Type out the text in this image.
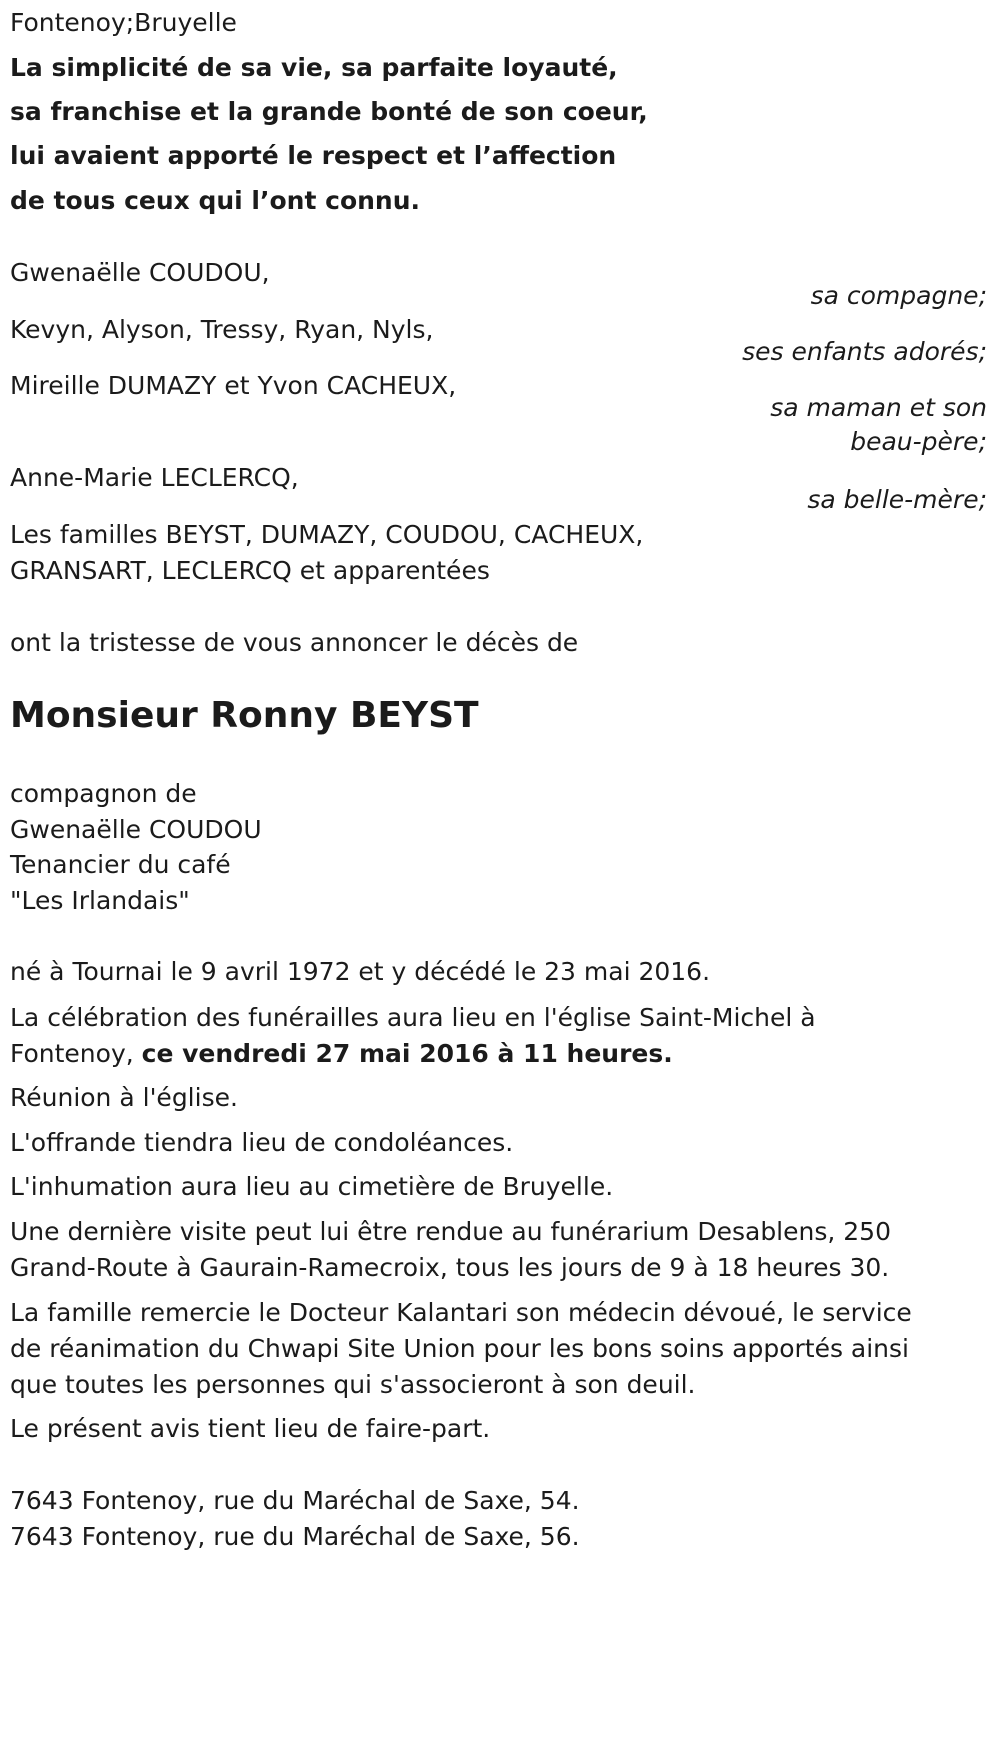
Fontenoy;Bruyelle
La simplicité de sa vie, sa parfaite loyauté,
sa franchise et la grande bonté de son coeur,
lui avaient apporté le respect et l’affection
de tous ceux qui l’ont connu.
Gwenaëlle COUDOU,
sa compagne;
Kevyn, Alyson, Tressy, Ryan, Nyls,
ses enfants adorés;
Mireille DUMAZY et Yvon CACHEUX,
sa maman et son
beau-père;
Anne-Marie LECLERCQ,
sa belle-mère;
Les familles BEYST, DUMAZY, COUDOU, CACHEUX,
GRANSART, LECLERCQ et apparentées
ont la tristesse de vous annoncer le décès de
Monsieur Ronny BEYST
compagnon de
Gwenaëlle COUDOU
Tenancier du café
"Les Irlandais"
né à Tournai le 9 avril 1972 et y décédé le 23 mai 2016.
La célébration des funérailles aura lieu en l'église Saint-Michel à
Fontenoy, ce vendredi 27 mai 2016 à 11 heures.
Réunion à l'église.
L'offrande tiendra lieu de condoléances.
L'inhumation aura lieu au cimetière de Bruyelle.
Une dernière visite peut lui être rendue au funérarium Desablens, 250
Grand-Route à Gaurain-Ramecroix, tous les jours de 9 à 18 heures 30.
La famille remercie le Docteur Kalantari son médecin dévoué, le service
de réanimation du Chwapi Site Union pour les bons soins apportés ainsi
que toutes les personnes qui s'associeront à son deuil.
Le présent avis tient lieu de faire-part.
7643 Fontenoy, rue du Maréchal de Saxe, 54.
7643 Fontenoy, rue du Maréchal de Saxe, 56.
